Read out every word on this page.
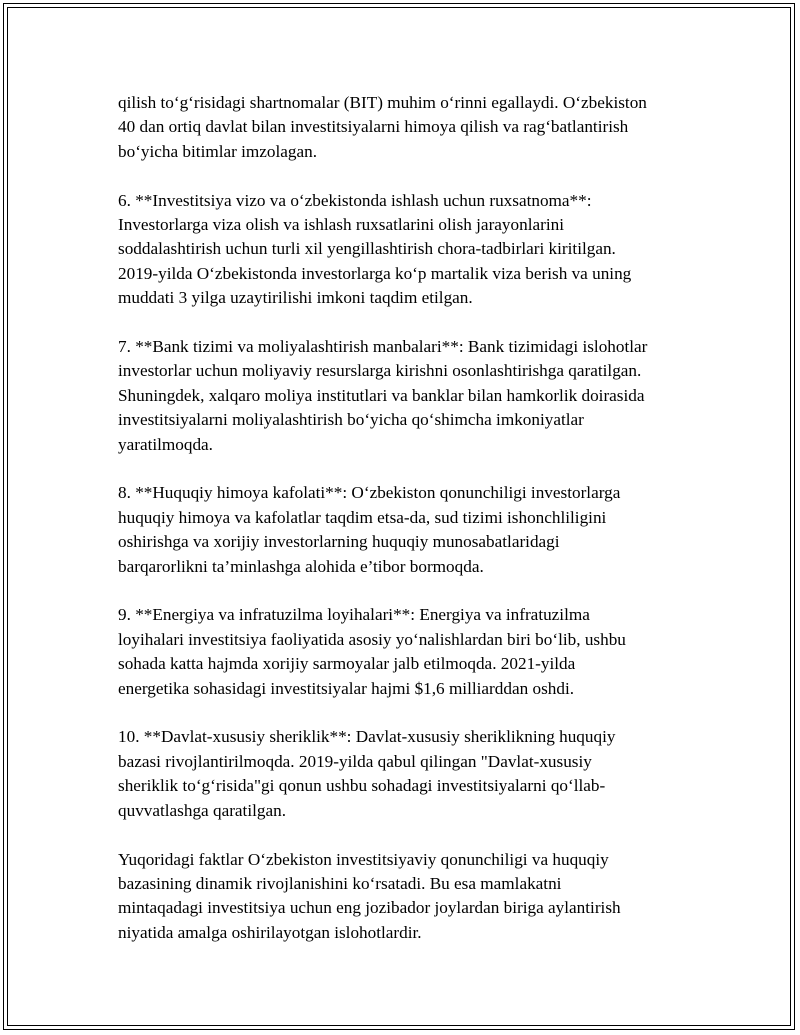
qilish to‘g‘risidagi shartnomalar (BIT) muhim o‘rinni egallaydi. O‘zbekiston
40 dan ortiq davlat bilan investitsiyalarni himoya qilish va rag‘batlantirish
bo‘yicha bitimlar imzolagan.

6. **Investitsiya vizo va o‘zbekistonda ishlash uchun ruxsatnoma**:
Investorlarga viza olish va ishlash ruxsatlarini olish jarayonlarini
soddalashtirish uchun turli xil yengillashtirish chora-tadbirlari kiritilgan.
2019-yilda O‘zbekistonda investorlarga ko‘p martalik viza berish va uning
muddati 3 yilga uzaytirilishi imkoni taqdim etilgan.

7. **Bank tizimi va moliyalashtirish manbalari**: Bank tizimidagi islohotlar
investorlar uchun moliyaviy resurslarga kirishni osonlashtirishga qaratilgan.
Shuningdek, xalqaro moliya institutlari va banklar bilan hamkorlik doirasida
investitsiyalarni moliyalashtirish bo‘yicha qo‘shimcha imkoniyatlar
yaratilmoqda.

8. **Huquqiy himoya kafolati**: O‘zbekiston qonunchiligi investorlarga
huquqiy himoya va kafolatlar taqdim etsa-da, sud tizimi ishonchliligini
oshirishga va xorijiy investorlarning huquqiy munosabatlaridagi
barqarorlikni ta’minlashga alohida e’tibor bormoqda.

9. **Energiya va infratuzilma loyihalari**: Energiya va infratuzilma
loyihalari investitsiya faoliyatida asosiy yo‘nalishlardan biri bo‘lib, ushbu
sohada katta hajmda xorijiy sarmoyalar jalb etilmoqda. 2021-yilda
energetika sohasidagi investitsiyalar hajmi $1,6 milliarddan oshdi.

10. **Davlat-xususiy sheriklik**: Davlat-xususiy sheriklikning huquqiy
bazasi rivojlantirilmoqda. 2019-yilda qabul qilingan "Davlat-xususiy
sheriklik to‘g‘risida"gi qonun ushbu sohadagi investitsiyalarni qo‘llab-
quvvatlashga qaratilgan.

Yuqoridagi faktlar O‘zbekiston investitsiyaviy qonunchiligi va huquqiy
bazasining dinamik rivojlanishini ko‘rsatadi. Bu esa mamlakatni
mintaqadagi investitsiya uchun eng jozibador joylardan biriga aylantirish
niyatida amalga oshirilayotgan islohotlardir.
